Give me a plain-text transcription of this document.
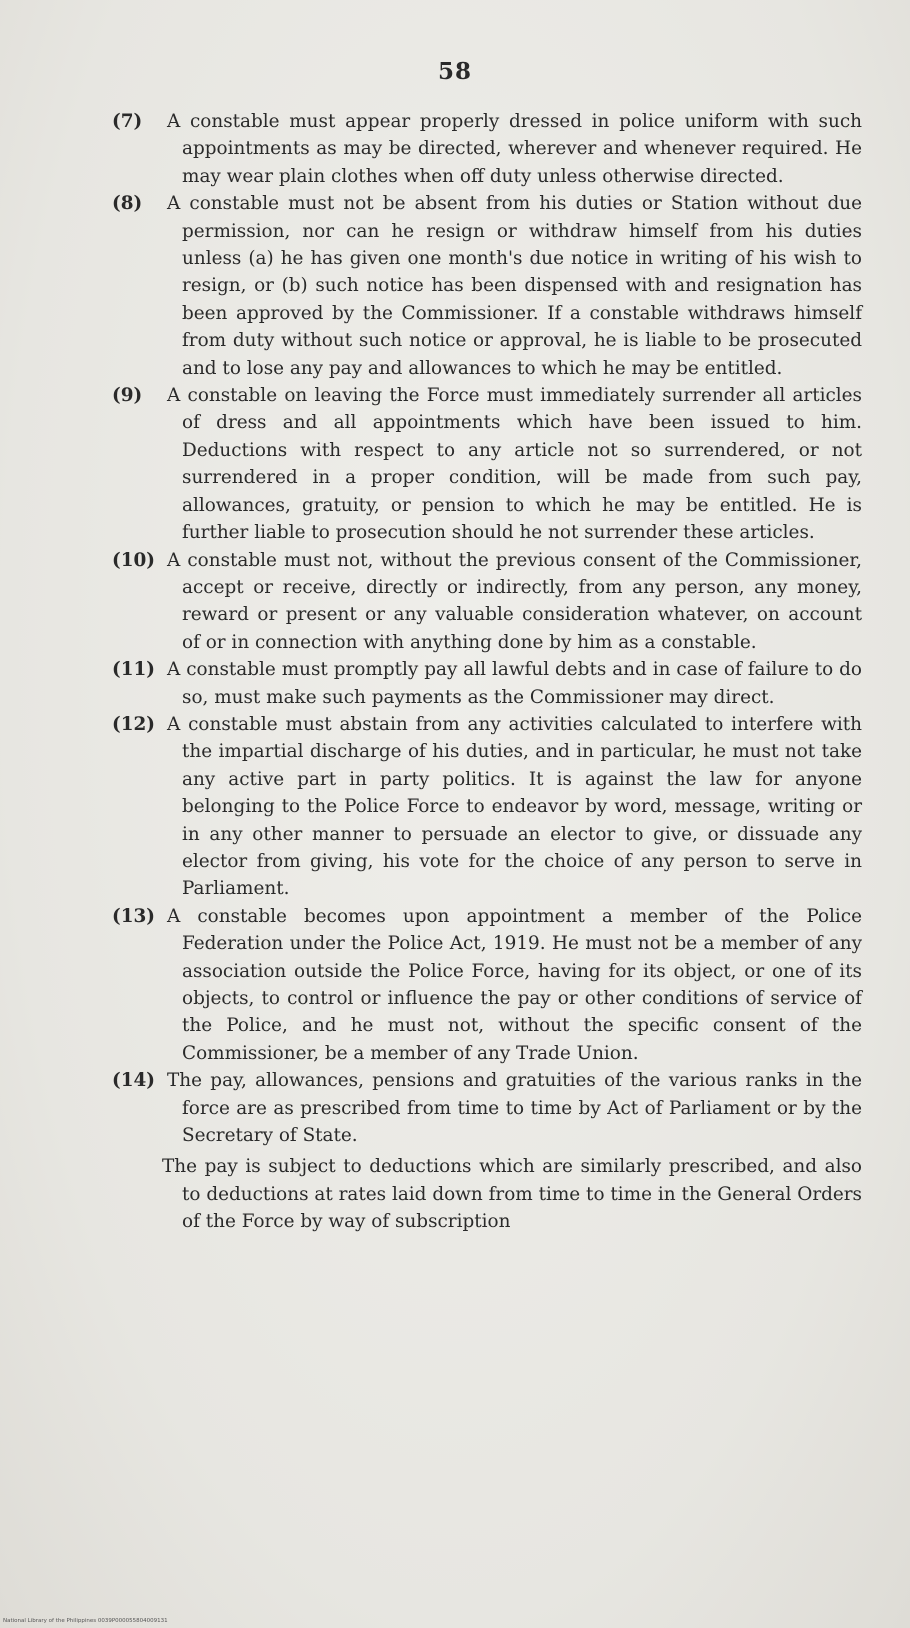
58

(7) A constable must appear properly dressed in police uniform with such appointments as may be directed, wherever and whenever required. He may wear plain clothes when off duty unless otherwise directed.

(8) A constable must not be absent from his duties or Station without due permission, nor can he resign or withdraw himself from his duties unless (a) he has given one month's due notice in writing of his wish to resign, or (b) such notice has been dispensed with and resignation has been approved by the Commissioner. If a constable withdraws himself from duty without such notice or approval, he is liable to be prosecuted and to lose any pay and allowances to which he may be entitled.

(9) A constable on leaving the Force must immediately surrender all articles of dress and all appointments which have been issued to him. Deductions with respect to any article not so surrendered, or not surrendered in a proper condition, will be made from such pay, allowances, gratuity, or pension to which he may be entitled. He is further liable to prosecution should he not surrender these articles.

(10) A constable must not, without the previous consent of the Commissioner, accept or receive, directly or indirectly, from any person, any money, reward or present or any valuable consideration whatever, on account of or in connection with anything done by him as a constable.

(11) A constable must promptly pay all lawful debts and in case of failure to do so, must make such payments as the Commissioner may direct.

(12) A constable must abstain from any activities calculated to interfere with the impartial discharge of his duties, and in particular, he must not take any active part in party politics. It is against the law for anyone belonging to the Police Force to endeavor by word, message, writing or in any other manner to persuade an elector to give, or dissuade any elector from giving, his vote for the choice of any person to serve in Parliament.

(13) A constable becomes upon appointment a member of the Police Federation under the Police Act, 1919. He must not be a member of any association outside the Police Force, having for its object, or one of its objects, to control or influence the pay or other conditions of service of the Police, and he must not, without the specific consent of the Commissioner, be a member of any Trade Union.

(14) The pay, allowances, pensions and gratuities of the various ranks in the force are as prescribed from time to time by Act of Parliament or by the Secretary of State.

The pay is subject to deductions which are similarly prescribed, and also to deductions at rates laid down from time to time in the General Orders of the Force by way of subscription

National Library of the Philippines 0039P00005580400913​1
